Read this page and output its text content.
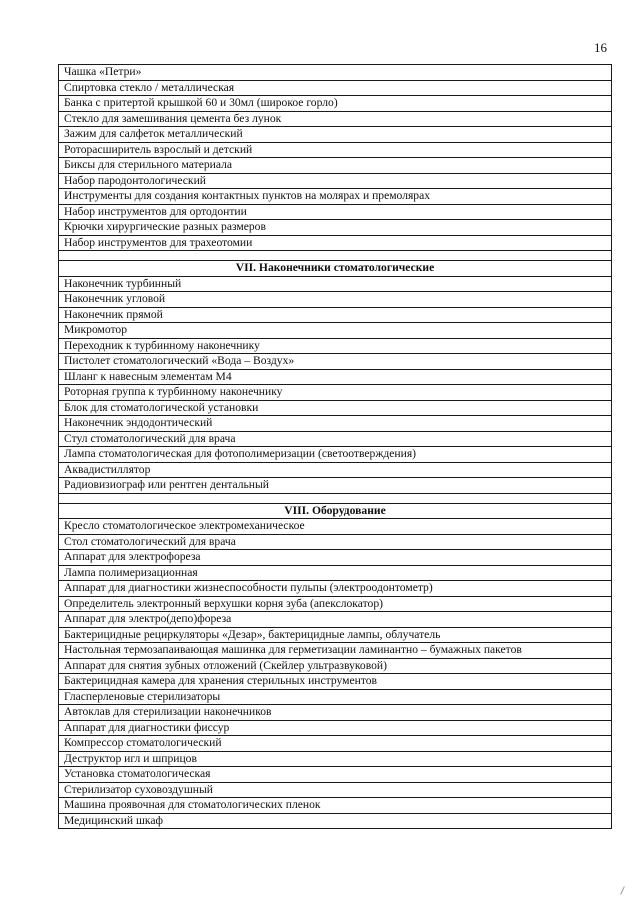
16
Чашка «Петри»
Спиртовка стекло / металлическая
Банка с притертой крышкой 60 и 30мл (широкое горло)
Стекло для замешивания цемента без лунок
Зажим для салфеток металлический
Роторасширитель взрослый и детский
Биксы для стерильного материала
Набор пародонтологический
Инструменты для создания контактных пунктов на молярах и премолярах
Набор инструментов для ортодонтии
Крючки хирургические разных размеров
Набор инструментов для трахеотомии

VII. Наконечники стоматологические
Наконечник турбинный
Наконечник угловой
Наконечник прямой
Микромотор
Переходник к турбинному наконечнику
Пистолет стоматологический «Вода – Воздух»
Шланг к навесным элементам М4
Роторная группа к турбинному наконечнику
Блок для стоматологической установки
Наконечник эндодонтический
Стул стоматологический для врача
Лампа стоматологическая для фотополимеризации (светоотверждения)
Аквадистиллятор
Радиовизиограф или рентген дентальный

VIII. Оборудование
Кресло стоматологическое электромеханическое
Стол стоматологический для врача
Аппарат для электрофореза
Лампа полимеризационная
Аппарат для диагностики жизнеспособности пульпы (электроодонтометр)
Определитель электронный верхушки корня зуба (апекслокатор)
Аппарат для электро(депо)фореза
Бактерицидные рециркуляторы «Дезар», бактерицидные лампы, облучатель
Настольная термозапаивающая машинка для герметизации ламинантно – бумажных пакетов
Аппарат для снятия зубных отложений (Скейлер ультразвуковой)
Бактерицидная камера для хранения стерильных инструментов
Гласперленовые стерилизаторы
Автоклав для стерилизации наконечников
Аппарат для диагностики фиссур
Компрессор стоматологический
Деструктор игл и шприцов
Установка стоматологическая
Стерилизатор суховоздушный
Машина проявочная для стоматологических пленок
Медицинский шкаф
